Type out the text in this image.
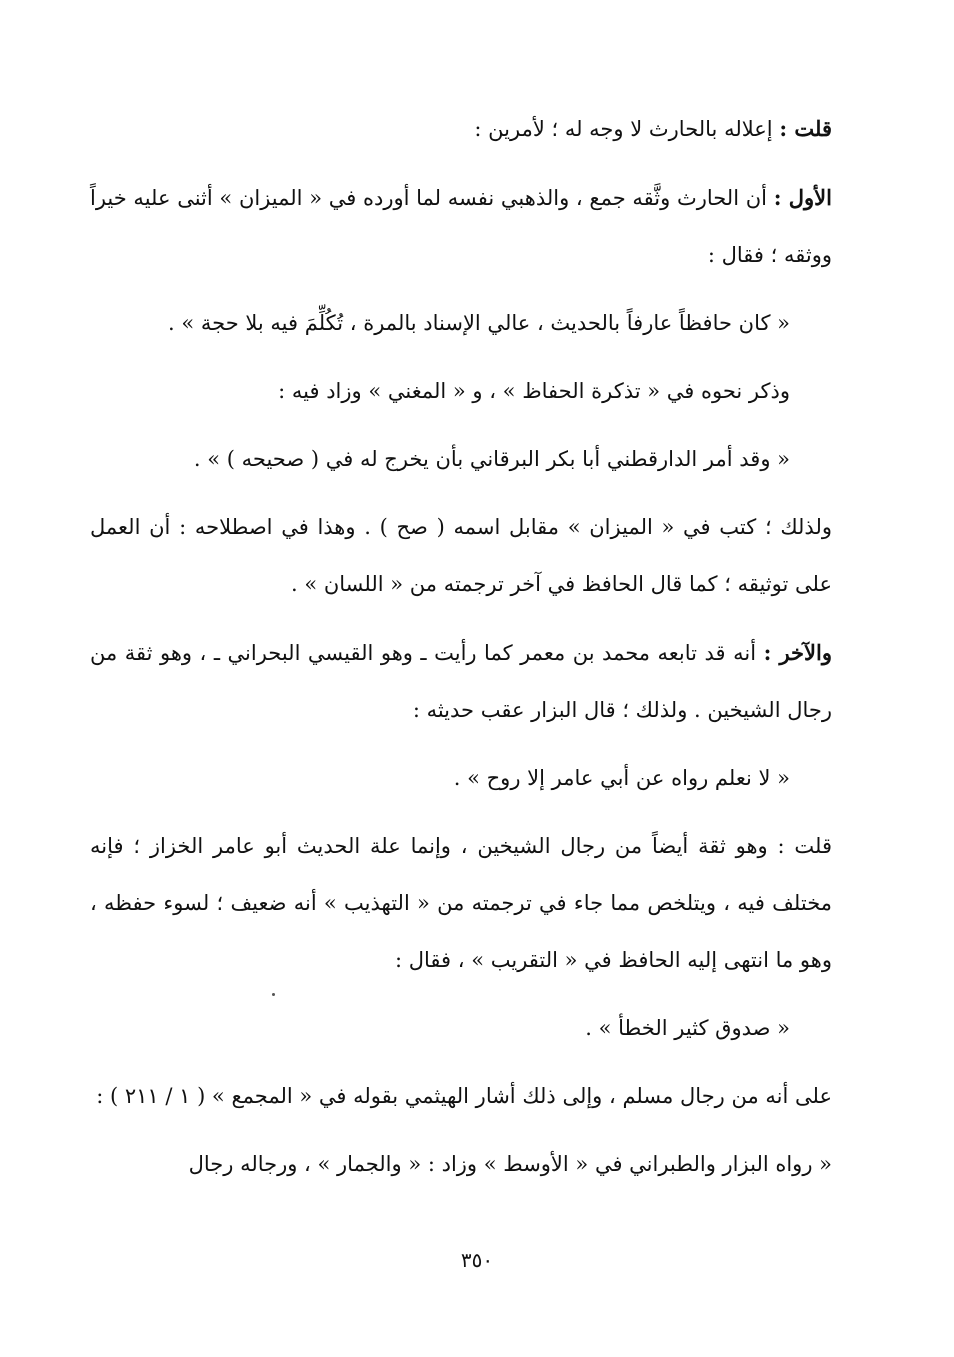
قلت : إعلاله بالحارث لا وجه له ؛ لأمرين :

الأول : أن الحارث وثَّقه جمع ، والذهبي نفسه لما أورده في « الميزان » أثنى عليه خيراً ووثقه ؛ فقال :

« كان حافظاً عارفاً بالحديث ، عالي الإسناد بالمرة ، تُكُلِّمَ فيه بلا حجة » .

وذكر نحوه في « تذكرة الحفاظ » ، و « المغني » وزاد فيه :

« وقد أمر الدارقطني أبا بكر البرقاني بأن يخرج له في ( صحيحه ) » .

ولذلك ؛ كتب في « الميزان » مقابل اسمه ( صح ) . وهذا في اصطلاحه : أن العمل على توثيقه ؛ كما قال الحافظ في آخر ترجمته من « اللسان » .

والآخر : أنه قد تابعه محمد بن معمر كما رأيت ـ وهو القيسي البحراني ـ ، وهو ثقة من رجال الشيخين . ولذلك ؛ قال البزار عقب حديثه :

« لا نعلم رواه عن أبي عامر إلا روح » .

قلت : وهو ثقة أيضاً من رجال الشيخين ، وإنما علة الحديث أبو عامر الخزاز ؛ فإنه مختلف فيه ، ويتلخص مما جاء في ترجمته من « التهذيب » أنه ضعيف ؛ لسوء حفظه ، وهو ما انتهى إليه الحافظ في « التقريب » ، فقال :

« صدوق كثير الخطأ » .

على أنه من رجال مسلم ، وإلى ذلك أشار الهيثمي بقوله في « المجمع » ( ١ / ٢١١ ) :

« رواه البزار والطبراني في « الأوسط » وزاد : « والجمار » ، ورجاله رجال

٣٥٠
